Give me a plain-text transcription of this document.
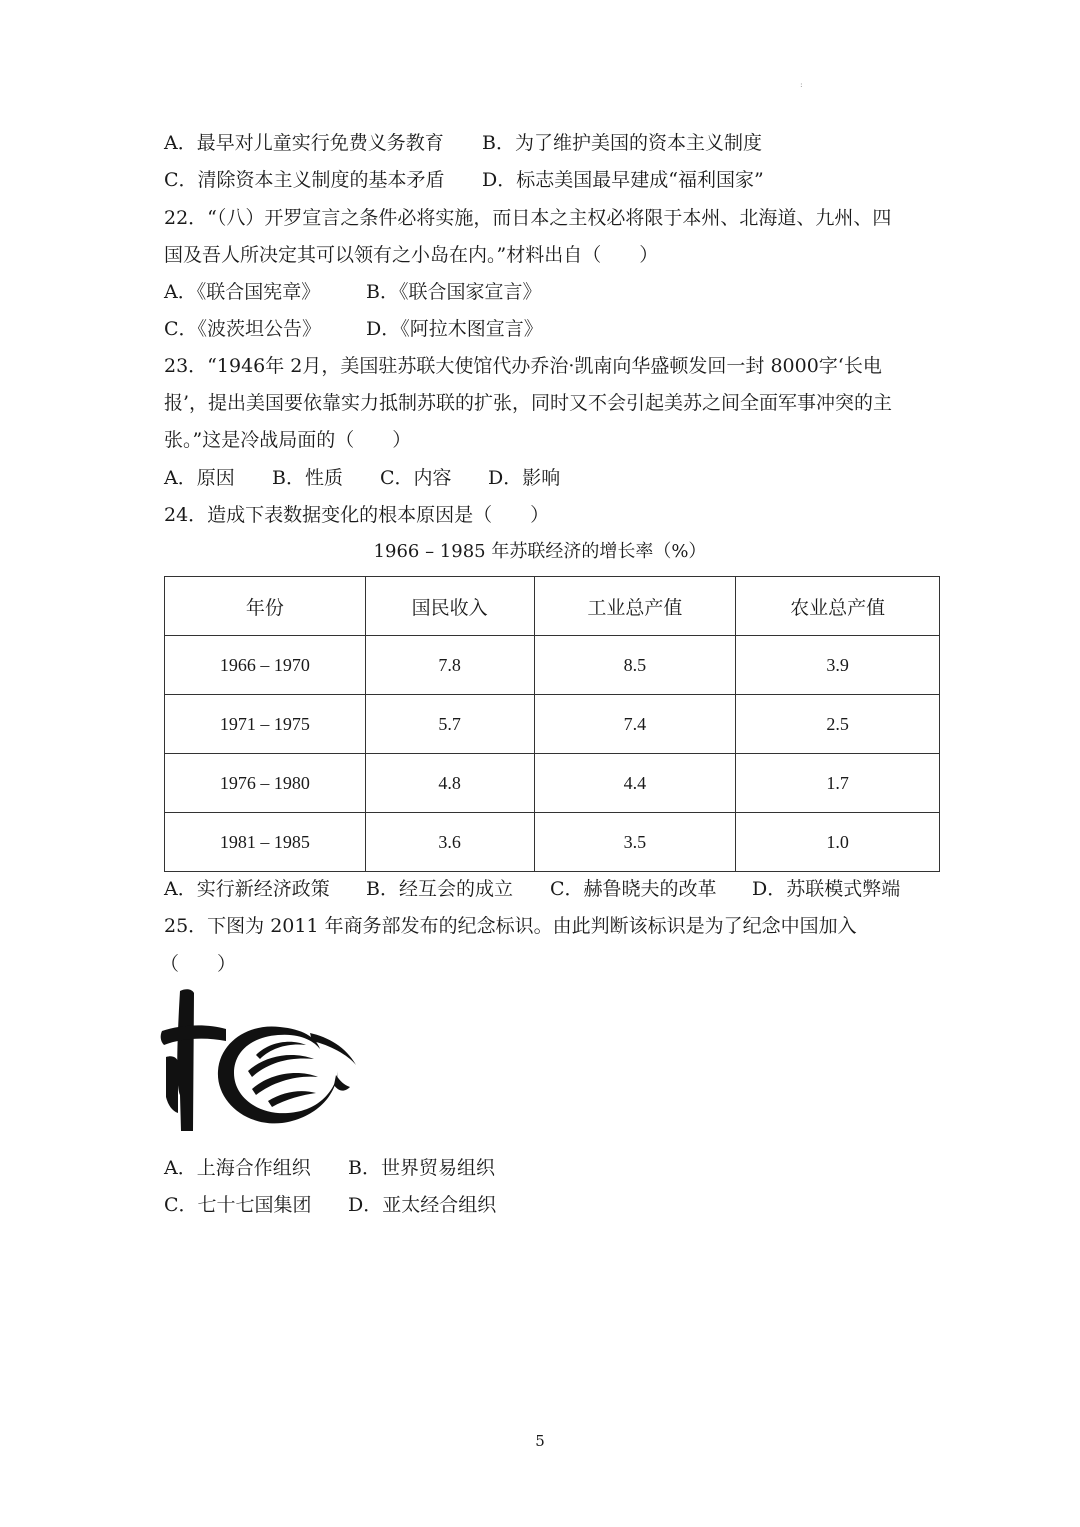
:
A．最早对儿童实行免费义务教育 B．为了维护美国的资本主义制度
C．清除资本主义制度的基本矛盾 D．标志美国最早建成“福利国家”
22．“（八）开罗宣言之条件必将实施，而日本之主权必将限于本州、北海道、九州、四
国及吾人所决定其可以领有之小岛在内。”材料出自（　　）
A．《联合国宪章》 B．《联合国家宣言》
C．《波茨坦公告》 D．《阿拉木图宣言》
23．“1946年 2月，美国驻苏联大使馆代办乔治·凯南向华盛顿发回一封 8000字‘长电
报’，提出美国要依靠实力抵制苏联的扩张，同时又不会引起美苏之间全面军事冲突的主
张。”这是冷战局面的（　　）
A．原因 B．性质 C．内容 D．影响
24．造成下表数据变化的根本原因是（　　）
1966 – 1985 年苏联经济的增长率（%）
年份	国民收入	工业总产值	农业总产值
1966 – 1970	7.8	8.5	3.9
1971 – 1975	5.7	7.4	2.5
1976 – 1980	4.8	4.4	1.7
1981 – 1985	3.6	3.5	1.0
A．实行新经济政策 B．经互会的成立 C．赫鲁晓夫的改革 D．苏联模式弊端
25．下图为 2011 年商务部发布的纪念标识。由此判断该标识是为了纪念中国加入
（　　）
A．上海合作组织 B．世界贸易组织
C．七十七国集团 D．亚太经合组织
5
